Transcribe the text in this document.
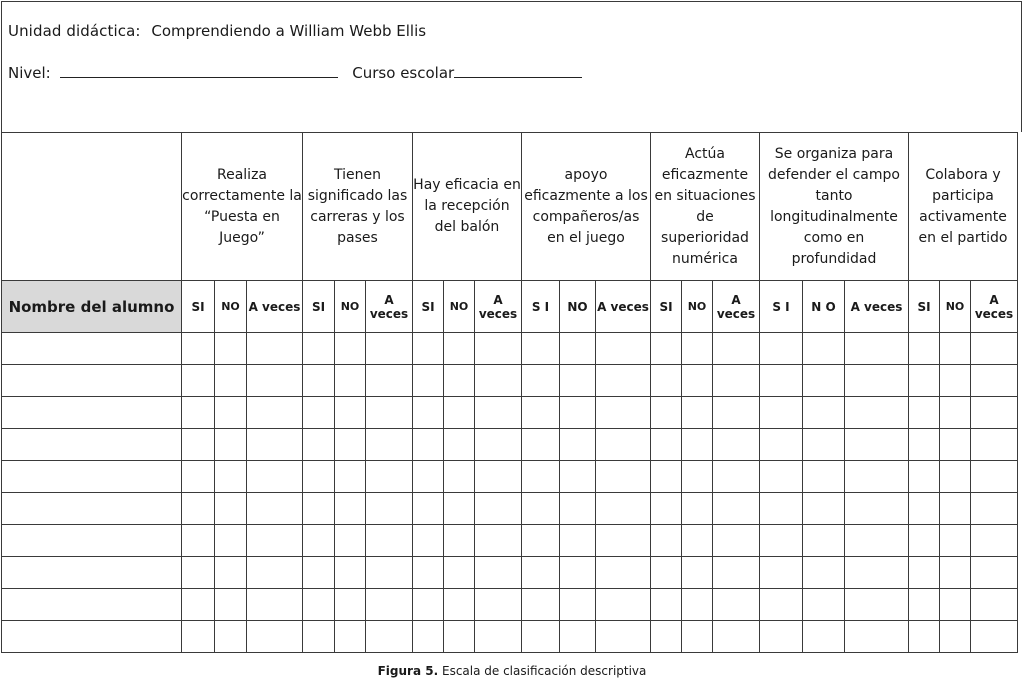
Unidad didáctica: Comprendiendo a William Webb Ellis
Nivel:	Curso escolar

	Realiza correctamente la “Puesta en Juego”			Tienen significado las carreras y los pases			Hay eficacia en la recepción del balón			apoyo eficazmente a los compañeros/as en el juego			Actúa eficazmente en situaciones de superioridad numérica			Se organiza para defender el campo tanto longitudinalmente como en profundidad			Colabora y participa activamente en el partido		

Nombre del alumno	SI	NO	A veces	SI	NO	A veces	SI	NO	A veces	S I	NO	A veces	SI	NO	A veces	S I	N O	A veces	SI	NO	A veces

Figura 5. Escala de clasificación descriptiva
